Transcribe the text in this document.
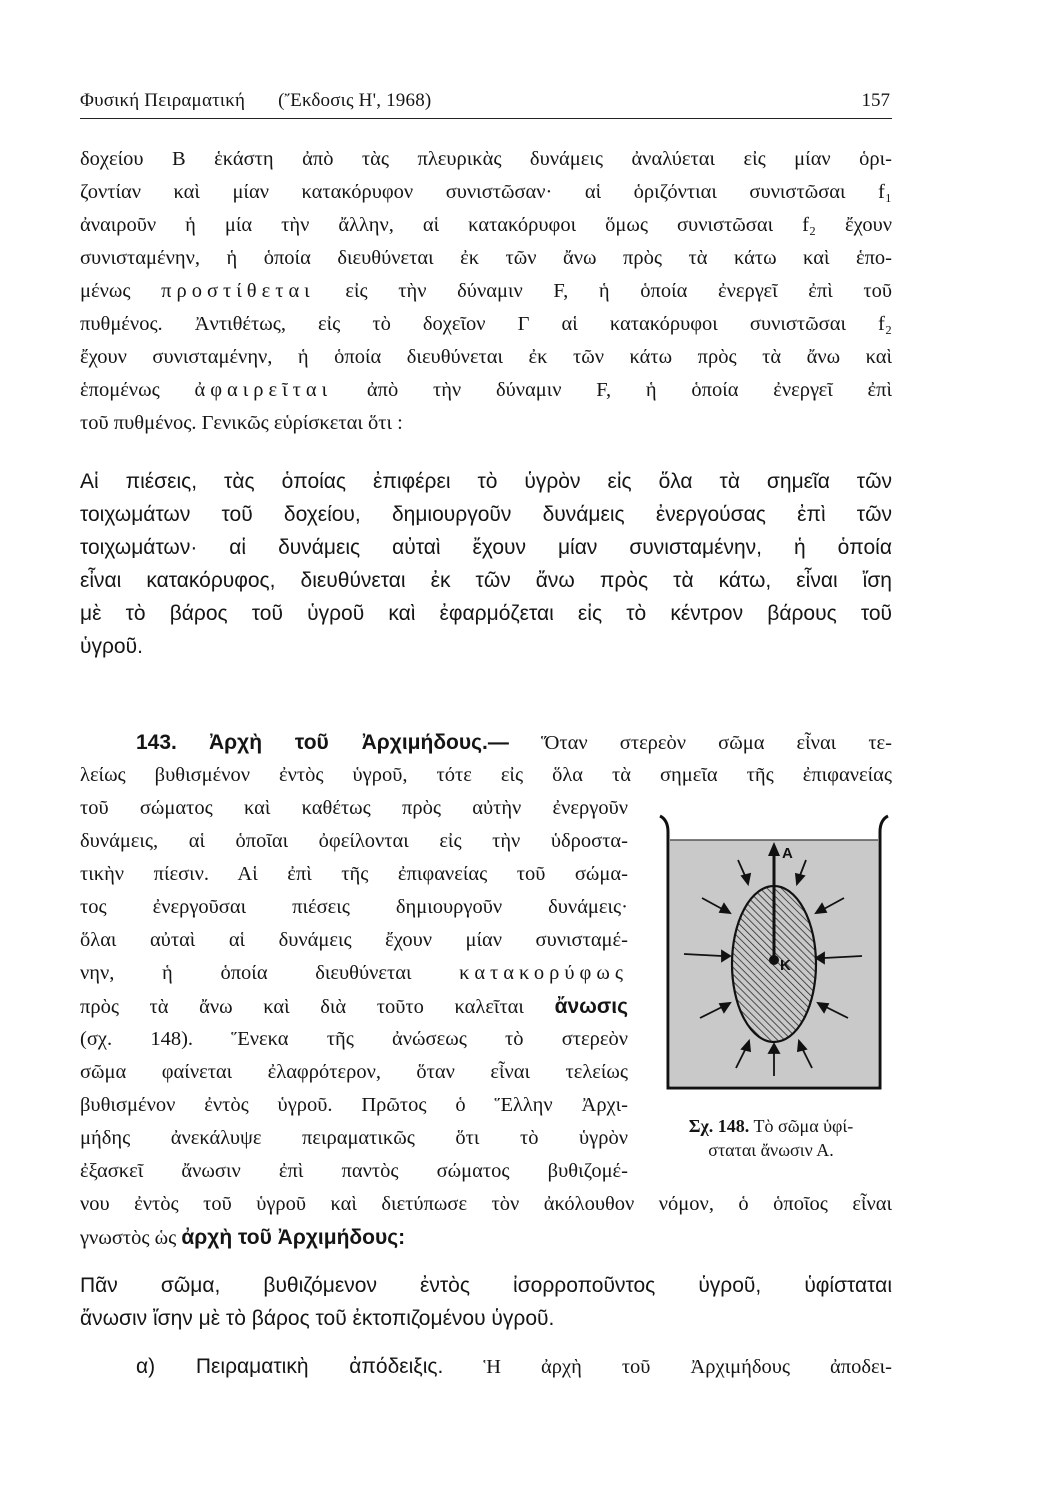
Φυσική Πειραματική (Ἔκδοσις Η', 1968)	157
δοχείου Β ἑκάστη ἀπὸ τὰς πλευρικὰς δυνάμεις ἀναλύεται εἰς μίαν ὁρι-
ζοντίαν καὶ μίαν κατακόρυφον συνιστῶσαν· αἱ ὁριζόντιαι συνιστῶσαι f₁
ἀναιροῦν ἡ μία τὴν ἄλλην, αἱ κατακόρυφοι ὅμως συνιστῶσαι f₂ ἔχουν
συνισταμένην, ἡ ὁποία διευθύνεται ἐκ τῶν ἄνω πρὸς τὰ κάτω καὶ ἑπο-
μένως προστίθεται εἰς τὴν δύναμιν F, ἡ ὁποία ἐνεργεῖ ἐπὶ τοῦ
πυθμένος. Ἀντιθέτως, εἰς τὸ δοχεῖον Γ αἱ κατακόρυφοι συνιστῶσαι f₂
ἔχουν συνισταμένην, ἡ ὁποία διευθύνεται ἐκ τῶν κάτω πρὸς τὰ ἄνω καὶ
ἑπομένως ἀφαιρεῖται ἀπὸ τὴν δύναμιν F, ἡ ὁποία ἐνεργεῖ ἐπὶ
τοῦ πυθμένος. Γενικῶς εὑρίσκεται ὅτι :
Αἱ πιέσεις, τὰς ὁποίας ἐπιφέρει τὸ ὑγρὸν εἰς ὅλα τὰ σημεῖα τῶν
τοιχωμάτων τοῦ δοχείου, δημιουργοῦν δυνάμεις ἐνεργούσας ἐπὶ τῶν
τοιχωμάτων· αἱ δυνάμεις αὐταὶ ἔχουν μίαν συνισταμένην, ἡ ὁποία
εἶναι κατακόρυφος, διευθύνεται ἐκ τῶν ἄνω πρὸς τὰ κάτω, εἶναι ἴση
μὲ τὸ βάρος τοῦ ὑγροῦ καὶ ἐφαρμόζεται εἰς τὸ κέντρον βάρους τοῦ
ὑγροῦ.
143. Ἀρχὴ τοῦ Ἀρχιμήδους.— Ὅταν στερεὸν σῶμα εἶναι τε-
λείως βυθισμένον ἐντὸς ὑγροῦ, τότε εἰς ὅλα τὰ σημεῖα τῆς ἐπιφανείας
τοῦ σώματος καὶ καθέτως πρὸς αὐτὴν ἐνεργοῦν
δυνάμεις, αἱ ὁποῖαι ὀφείλονται εἰς τὴν ὑδροστα-
τικὴν πίεσιν. Αἱ ἐπὶ τῆς ἐπιφανείας τοῦ σώμα-
τος ἐνεργοῦσαι πιέσεις δημιουργοῦν δυνάμεις·
ὅλαι αὐταὶ αἱ δυνάμεις ἔχουν μίαν συνισταμέ-
νην, ἡ ὁποία διευθύνεται κατακορύφως
πρὸς τὰ ἄνω καὶ διὰ τοῦτο καλεῖται ἄνωσις
(σχ. 148). Ἕνεκα τῆς ἀνώσεως τὸ στερεὸν
σῶμα φαίνεται ἐλαφρότερον, ὅταν εἶναι τελείως
βυθισμένον ἐντὸς ὑγροῦ. Πρῶτος ὁ Ἕλλην Ἀρχι-
μήδης ἀνεκάλυψε πειραματικῶς ὅτι τὸ ὑγρὸν
ἐξασκεῖ ἄνωσιν ἐπὶ παντὸς σώματος βυθιζομέ-
νου ἐντὸς τοῦ ὑγροῦ καὶ διετύπωσε τὸν ἀκόλουθον νόμον, ὁ ὁποῖος εἶναι
γνωστὸς ὡς ἀρχὴ τοῦ Ἀρχιμήδους:
Πᾶν σῶμα, βυθιζόμενον ἐντὸς ἰσορροποῦντος ὑγροῦ, ὑφίσταται
ἄνωσιν ἴσην μὲ τὸ βάρος τοῦ ἐκτοπιζομένου ὑγροῦ.
α) Πειραματικὴ ἀπόδειξις. Ἡ ἀρχὴ τοῦ Ἀρχιμήδους ἀποδει-
A
K
Σχ. 148. Τὸ σῶμα ὑφί-
σταται ἄνωσιν Α.
